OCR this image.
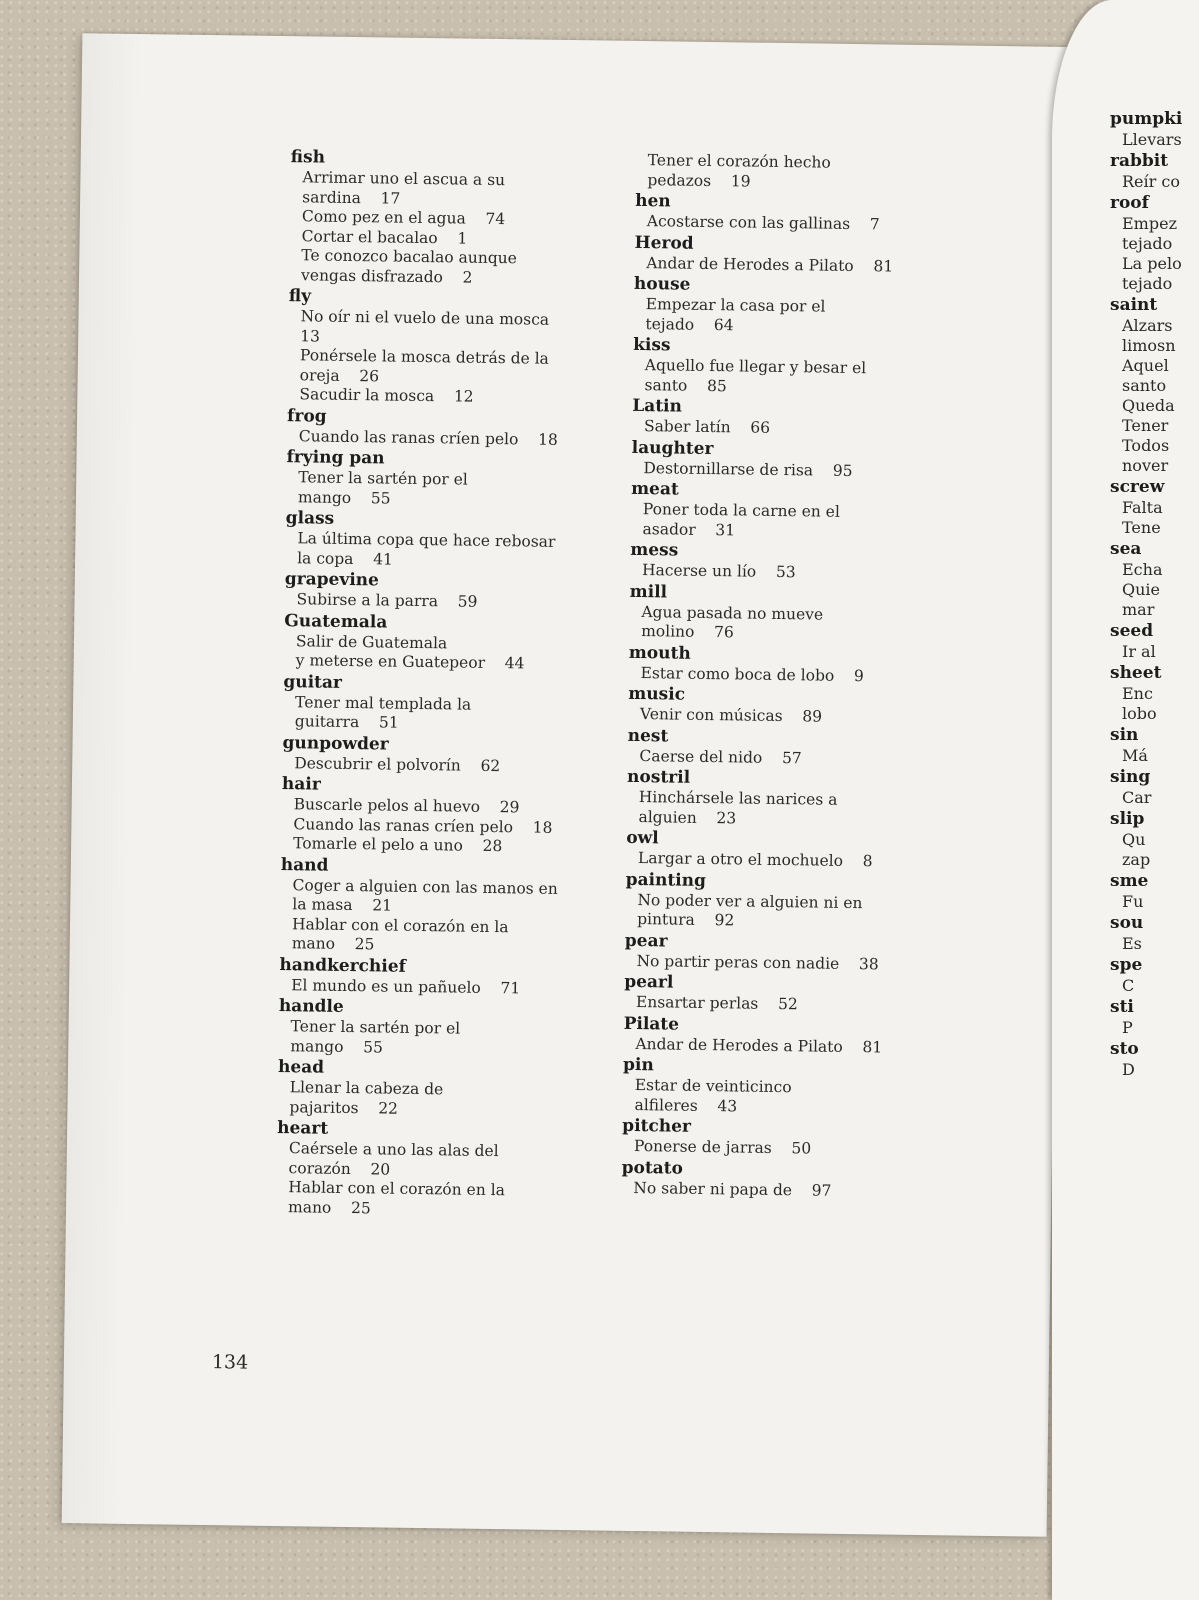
fish
Arrimar uno el ascua a su
sardina    17
Como pez en el agua    74
Cortar el bacalao    1
Te conozco bacalao aunque
vengas disfrazado    2
fly
No oír ni el vuelo de una mosca
13
Ponérsele la mosca detrás de la
oreja    26
Sacudir la mosca    12
frog
Cuando las ranas críen pelo    18
frying pan
Tener la sartén por el
mango    55
glass
La última copa que hace rebosar
la copa    41
grapevine
Subirse a la parra    59
Guatemala
Salir de Guatemala
y meterse en Guatepeor    44
guitar
Tener mal templada la
guitarra    51
gunpowder
Descubrir el polvorín    62
hair
Buscarle pelos al huevo    29
Cuando las ranas críen pelo    18
Tomarle el pelo a uno    28
hand
Coger a alguien con las manos en
la masa    21
Hablar con el corazón en la
mano    25
handkerchief
El mundo es un pañuelo    71
handle
Tener la sartén por el
mango    55
head
Llenar la cabeza de
pajaritos    22
heart
Caérsele a uno las alas del
corazón    20
Hablar con el corazón en la
mano    25
Tener el corazón hecho
pedazos    19
hen
Acostarse con las gallinas    7
Herod
Andar de Herodes a Pilato    81
house
Empezar la casa por el
tejado    64
kiss
Aquello fue llegar y besar el
santo    85
Latin
Saber latín    66
laughter
Destornillarse de risa    95
meat
Poner toda la carne en el
asador    31
mess
Hacerse un lío    53
mill
Agua pasada no mueve
molino    76
mouth
Estar como boca de lobo    9
music
Venir con músicas    89
nest
Caerse del nido    57
nostril
Hinchársele las narices a
alguien    23
owl
Largar a otro el mochuelo    8
painting
No poder ver a alguien ni en
pintura    92
pear
No partir peras con nadie    38
pearl
Ensartar perlas    52
Pilate
Andar de Herodes a Pilato    81
pin
Estar de veinticinco
alfileres    43
pitcher
Ponerse de jarras    50
potato
No saber ni papa de    97
134
pumpki
Llevars
rabbit
Reír co
roof
Empez
tejado
La pelo
tejado
saint
Alzars
limosn
Aquel
santo
Queda
Tener
Todos
nover
screw
Falta
Tene
sea
Echa
Quie
mar
seed
Ir al
sheet
Enc
lobo
sin
Má
sing
Car
slip
Qu
zap
sme
Fu
sou
Es
spe
C
sti
P
sto
D
